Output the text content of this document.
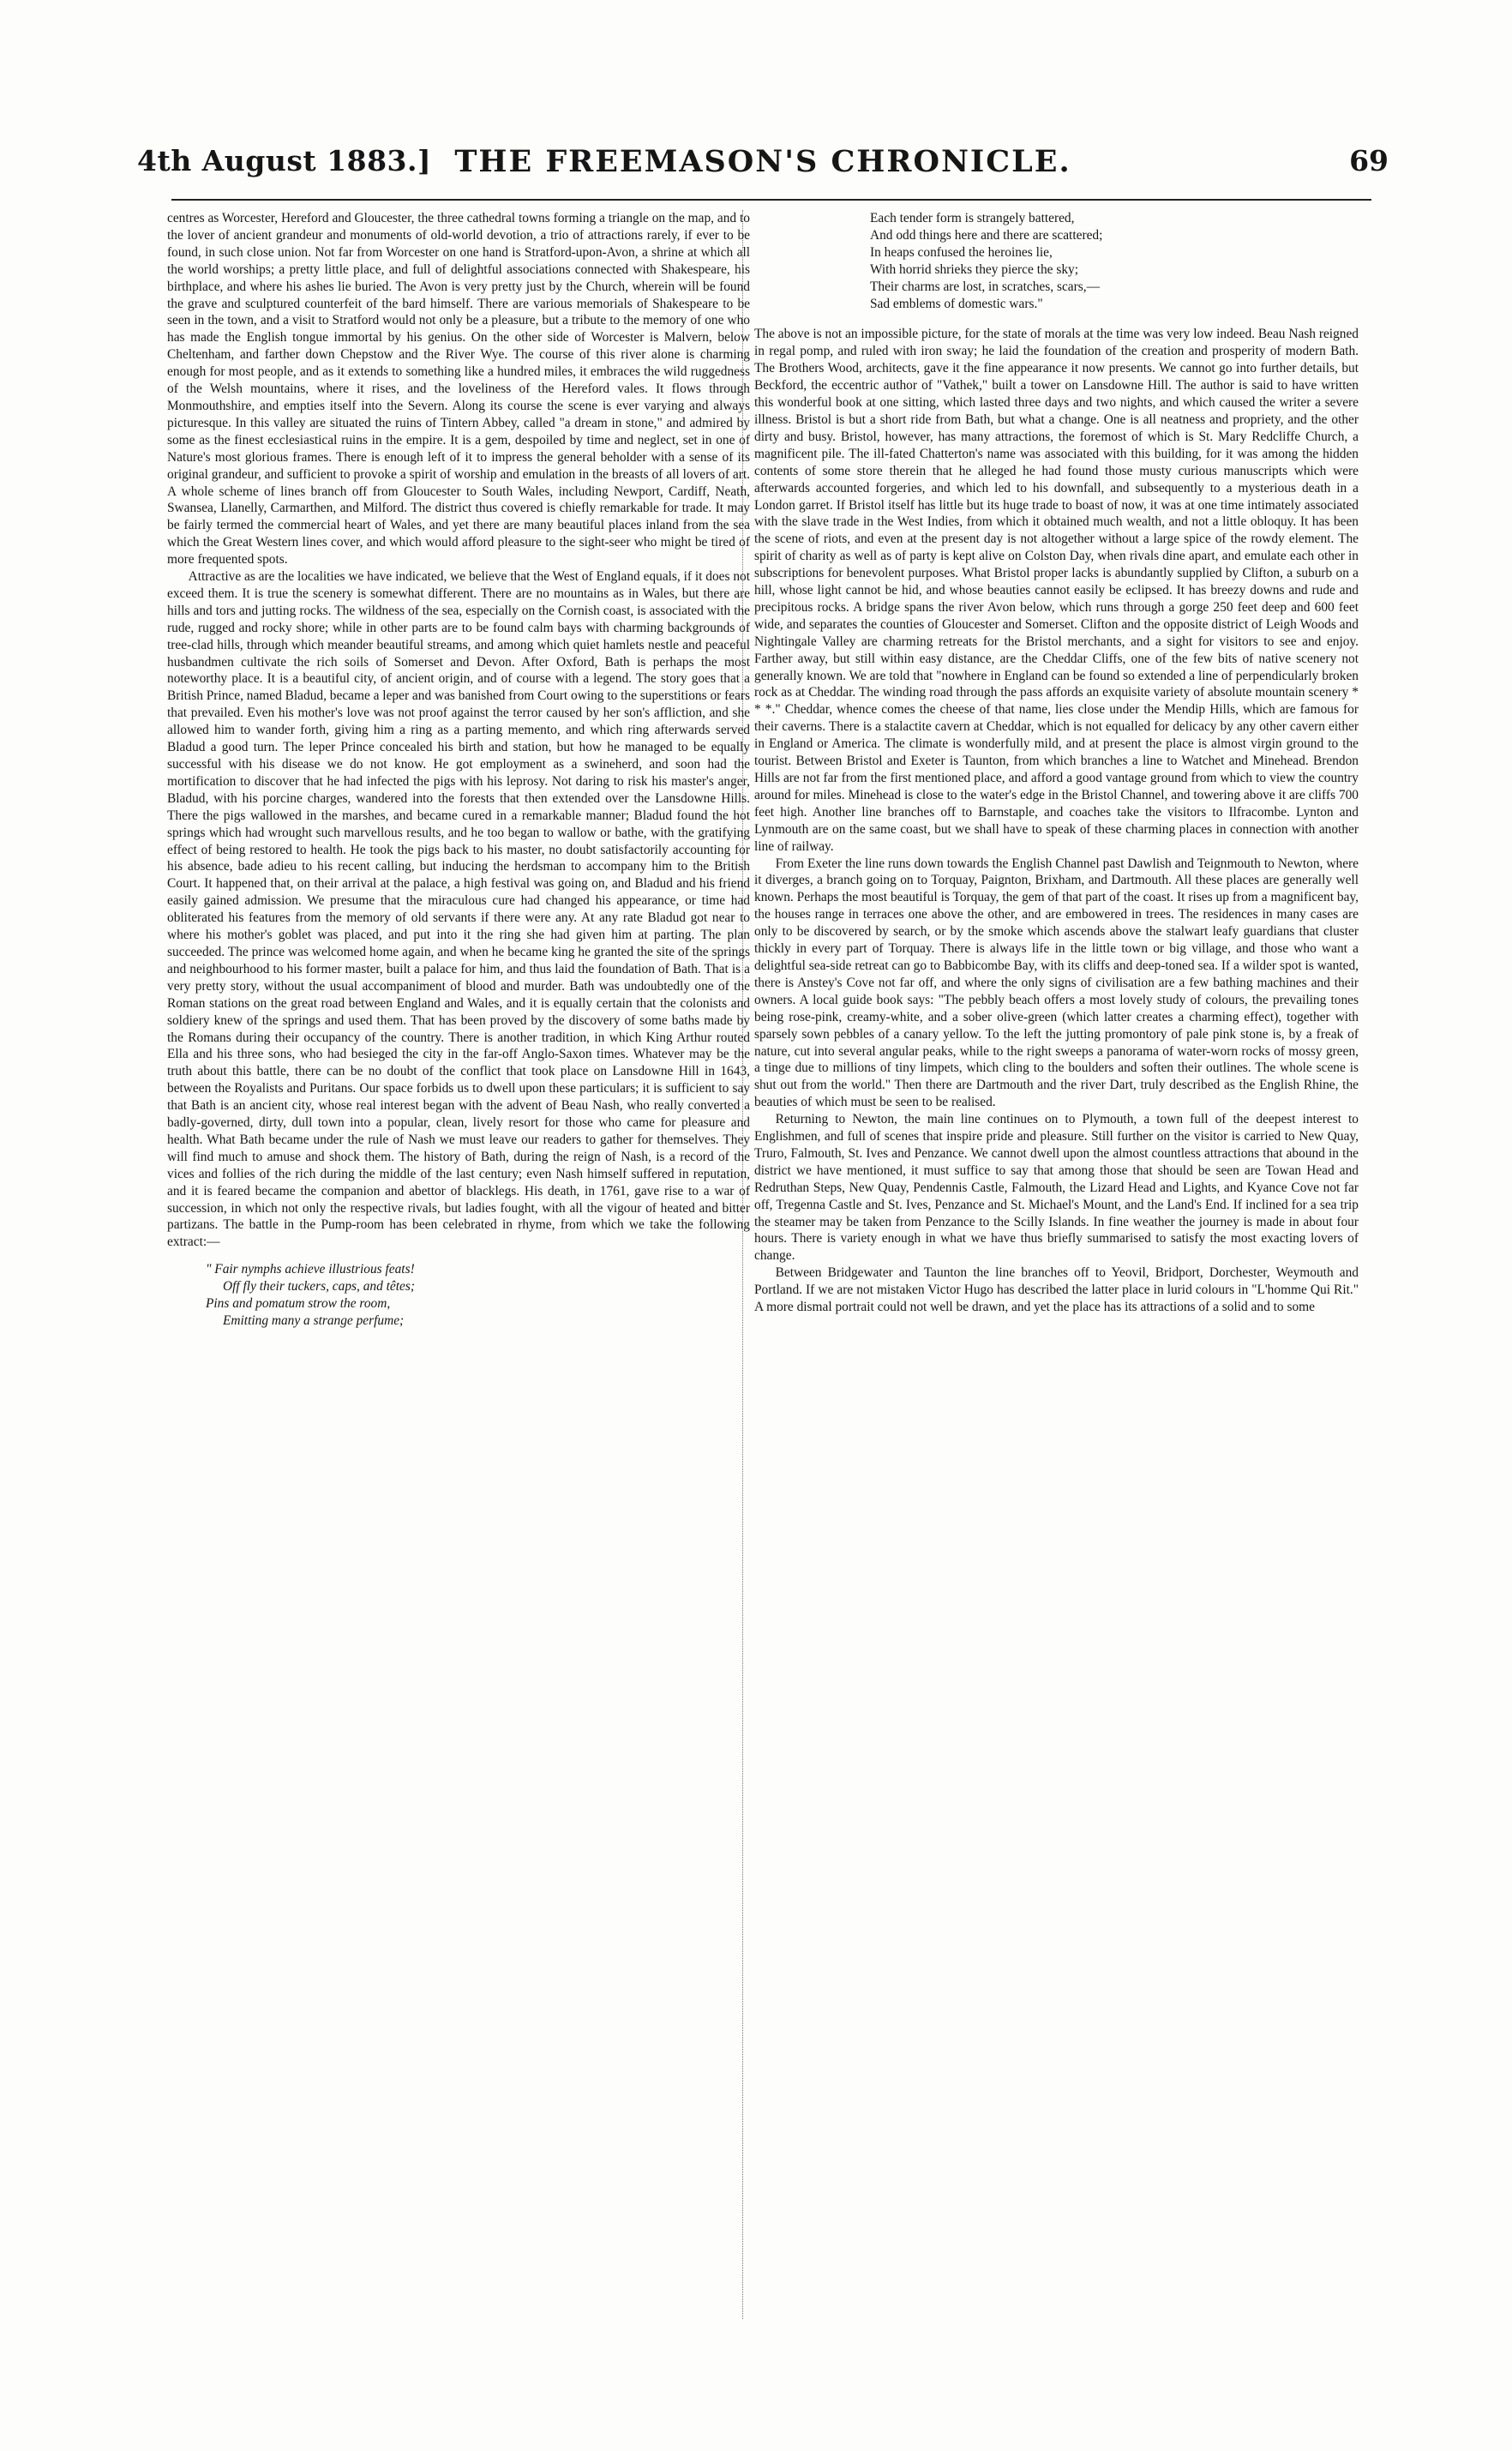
4th August 1883.] THE FREEMASON'S CHRONICLE.	69

centres as Worcester, Hereford and Gloucester, the three cathedral towns forming a triangle on the map, and to the lover of ancient grandeur and monuments of old-world devotion, a trio of attractions rarely, if ever to be found, in such close union. Not far from Worcester on one hand is Stratford-upon-Avon, a shrine at which all the world worships; a pretty little place, and full of delightful associations connected with Shakespeare, his birthplace, and where his ashes lie buried. The Avon is very pretty just by the Church, wherein will be found the grave and sculptured counterfeit of the bard himself. There are various memorials of Shakespeare to be seen in the town, and a visit to Stratford would not only be a pleasure, but a tribute to the memory of one who has made the English tongue immortal by his genius. On the other side of Worcester is Malvern, below Cheltenham, and farther down Chepstow and the River Wye. The course of this river alone is charming enough for most people, and as it extends to something like a hundred miles, it embraces the wild ruggedness of the Welsh mountains, where it rises, and the loveliness of the Hereford vales. It flows through Monmouthshire, and empties itself into the Severn. Along its course the scene is ever varying and always picturesque. In this valley are situated the ruins of Tintern Abbey, called "a dream in stone," and admired by some as the finest ecclesiastical ruins in the empire. It is a gem, despoiled by time and neglect, set in one of Nature's most glorious frames. There is enough left of it to impress the general beholder with a sense of its original grandeur, and sufficient to provoke a spirit of worship and emulation in the breasts of all lovers of art. A whole scheme of lines branch off from Gloucester to South Wales, including Newport, Cardiff, Neath, Swansea, Llanelly, Carmarthen, and Milford. The district thus covered is chiefly remarkable for trade. It may be fairly termed the commercial heart of Wales, and yet there are many beautiful places inland from the sea which the Great Western lines cover, and which would afford pleasure to the sight-seer who might be tired of more frequented spots.

Attractive as are the localities we have indicated, we believe that the West of England equals, if it does not exceed them. It is true the scenery is somewhat different. There are no mountains as in Wales, but there are hills and tors and jutting rocks. The wildness of the sea, especially on the Cornish coast, is associated with the rude, rugged and rocky shore; while in other parts are to be found calm bays with charming backgrounds of tree-clad hills, through which meander beautiful streams, and among which quiet hamlets nestle and peaceful husbandmen cultivate the rich soils of Somerset and Devon. After Oxford, Bath is perhaps the most noteworthy place. It is a beautiful city, of ancient origin, and of course with a legend. The story goes that a British Prince, named Bladud, became a leper and was banished from Court owing to the superstitions or fears that prevailed. Even his mother's love was not proof against the terror caused by her son's affliction, and she allowed him to wander forth, giving him a ring as a parting memento, and which ring afterwards served Bladud a good turn. The leper Prince concealed his birth and station, but how he managed to be equally successful with his disease we do not know. He got employment as a swineherd, and soon had the mortification to discover that he had infected the pigs with his leprosy. Not daring to risk his master's anger, Bladud, with his porcine charges, wandered into the forests that then extended over the Lansdowne Hills. There the pigs wallowed in the marshes, and became cured in a remarkable manner; Bladud found the hot springs which had wrought such marvellous results, and he too began to wallow or bathe, with the gratifying effect of being restored to health. He took the pigs back to his master, no doubt satisfactorily accounting for his absence, bade adieu to his recent calling, but inducing the herdsman to accompany him to the British Court. It happened that, on their arrival at the palace, a high festival was going on, and Bladud and his friend easily gained admission. We presume that the miraculous cure had changed his appearance, or time had obliterated his features from the memory of old servants if there were any. At any rate Bladud got near to where his mother's goblet was placed, and put into it the ring she had given him at parting. The plan succeeded. The prince was welcomed home again, and when he became king he granted the site of the springs and neighbourhood to his former master, built a palace for him, and thus laid the foundation of Bath. That is a very pretty story, without the usual accompaniment of blood and murder. Bath was undoubtedly one of the Roman stations on the great road between England and Wales, and it is equally certain that the colonists and soldiery knew of the springs and used them. That has been proved by the discovery of some baths made by the Romans during their occupancy of the country. There is another tradition, in which King Arthur routed Ella and his three sons, who had besieged the city in the far-off Anglo-Saxon times. Whatever may be the truth about this battle, there can be no doubt of the conflict that took place on Lansdowne Hill in 1643, between the Royalists and Puritans. Our space forbids us to dwell upon these particulars; it is sufficient to say that Bath is an ancient city, whose real interest began with the advent of Beau Nash, who really converted a badly-governed, dirty, dull town into a popular, clean, lively resort for those who came for pleasure and health. What Bath became under the rule of Nash we must leave our readers to gather for themselves. They will find much to amuse and shock them. The history of Bath, during the reign of Nash, is a record of the vices and follies of the rich during the middle of the last century; even Nash himself suffered in reputation, and it is feared became the companion and abettor of blacklegs. His death, in 1761, gave rise to a war of succession, in which not only the respective rivals, but ladies fought, with all the vigour of heated and bitter partizans. The battle in the Pump-room has been celebrated in rhyme, from which we take the following extract:—

" Fair nymphs achieve illustrious feats!
Off fly their tuckers, caps, and têtes;
Pins and pomatum strow the room,
Emitting many a strange perfume;
Each tender form is strangely battered,
And odd things here and there are scattered;
In heaps confused the heroines lie,
With horrid shrieks they pierce the sky;
Their charms are lost, in scratches, scars,—
Sad emblems of domestic wars."

The above is not an impossible picture, for the state of morals at the time was very low indeed. Beau Nash reigned in regal pomp, and ruled with iron sway; he laid the foundation of the creation and prosperity of modern Bath. The Brothers Wood, architects, gave it the fine appearance it now presents. We cannot go into further details, but Beckford, the eccentric author of "Vathek," built a tower on Lansdowne Hill. The author is said to have written this wonderful book at one sitting, which lasted three days and two nights, and which caused the writer a severe illness. Bristol is but a short ride from Bath, but what a change. One is all neatness and propriety, and the other dirty and busy. Bristol, however, has many attractions, the foremost of which is St. Mary Redcliffe Church, a magnificent pile. The ill-fated Chatterton's name was associated with this building, for it was among the hidden contents of some store therein that he alleged he had found those musty curious manuscripts which were afterwards accounted forgeries, and which led to his downfall, and subsequently to a mysterious death in a London garret. If Bristol itself has little but its huge trade to boast of now, it was at one time intimately associated with the slave trade in the West Indies, from which it obtained much wealth, and not a little obloquy. It has been the scene of riots, and even at the present day is not altogether without a large spice of the rowdy element. The spirit of charity as well as of party is kept alive on Colston Day, when rivals dine apart, and emulate each other in subscriptions for benevolent purposes. What Bristol proper lacks is abundantly supplied by Clifton, a suburb on a hill, whose light cannot be hid, and whose beauties cannot easily be eclipsed. It has breezy downs and rude and precipitous rocks. A bridge spans the river Avon below, which runs through a gorge 250 feet deep and 600 feet wide, and separates the counties of Gloucester and Somerset. Clifton and the opposite district of Leigh Woods and Nightingale Valley are charming retreats for the Bristol merchants, and a sight for visitors to see and enjoy. Farther away, but still within easy distance, are the Cheddar Cliffs, one of the few bits of native scenery not generally known. We are told that "nowhere in England can be found so extended a line of perpendicularly broken rock as at Cheddar. The winding road through the pass affords an exquisite variety of absolute mountain scenery * * *." Cheddar, whence comes the cheese of that name, lies close under the Mendip Hills, which are famous for their caverns. There is a stalactite cavern at Cheddar, which is not equalled for delicacy by any other cavern either in England or America. The climate is wonderfully mild, and at present the place is almost virgin ground to the tourist. Between Bristol and Exeter is Taunton, from which branches a line to Watchet and Minehead. Brendon Hills are not far from the first mentioned place, and afford a good vantage ground from which to view the country around for miles. Minehead is close to the water's edge in the Bristol Channel, and towering above it are cliffs 700 feet high. Another line branches off to Barnstaple, and coaches take the visitors to Ilfracombe. Lynton and Lynmouth are on the same coast, but we shall have to speak of these charming places in connection with another line of railway.

From Exeter the line runs down towards the English Channel past Dawlish and Teignmouth to Newton, where it diverges, a branch going on to Torquay, Paignton, Brixham, and Dartmouth. All these places are generally well known. Perhaps the most beautiful is Torquay, the gem of that part of the coast. It rises up from a magnificent bay, the houses range in terraces one above the other, and are embowered in trees. The residences in many cases are only to be discovered by search, or by the smoke which ascends above the stalwart leafy guardians that cluster thickly in every part of Torquay. There is always life in the little town or big village, and those who want a delightful sea-side retreat can go to Babbicombe Bay, with its cliffs and deep-toned sea. If a wilder spot is wanted, there is Anstey's Cove not far off, and where the only signs of civilisation are a few bathing machines and their owners. A local guide book says: "The pebbly beach offers a most lovely study of colours, the prevailing tones being rose-pink, creamy-white, and a sober olive-green (which latter creates a charming effect), together with sparsely sown pebbles of a canary yellow. To the left the jutting promontory of pale pink stone is, by a freak of nature, cut into several angular peaks, while to the right sweeps a panorama of water-worn rocks of mossy green, a tinge due to millions of tiny limpets, which cling to the boulders and soften their outlines. The whole scene is shut out from the world." Then there are Dartmouth and the river Dart, truly described as the English Rhine, the beauties of which must be seen to be realised.

Returning to Newton, the main line continues on to Plymouth, a town full of the deepest interest to Englishmen, and full of scenes that inspire pride and pleasure. Still further on the visitor is carried to New Quay, Truro, Falmouth, St. Ives and Penzance. We cannot dwell upon the almost countless attractions that abound in the district we have mentioned, it must suffice to say that among those that should be seen are Towan Head and Redruthan Steps, New Quay, Pendennis Castle, Falmouth, the Lizard Head and Lights, and Kyance Cove not far off, Tregenna Castle and St. Ives, Penzance and St. Michael's Mount, and the Land's End. If inclined for a sea trip the steamer may be taken from Penzance to the Scilly Islands. In fine weather the journey is made in about four hours. There is variety enough in what we have thus briefly summarised to satisfy the most exacting lovers of change.

Between Bridgewater and Taunton the line branches off to Yeovil, Bridport, Dorchester, Weymouth and Portland. If we are not mistaken Victor Hugo has described the latter place in lurid colours in "L'homme Qui Rit." A more dismal portrait could not well be drawn, and yet the place has its attractions of a solid and to some
